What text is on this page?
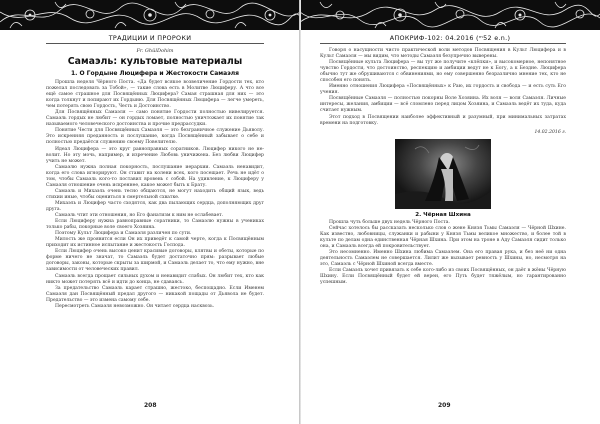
ТРАДИЦИИ И ПРОРОКИ
Fr. GhülDohim
Самаэль: культовые материалы
1. О Гордыне Люцифера и Жестокости Самаэля

Прошла неделя Чёрного Поста. «Да будет всякое возвеличение Гордости тех, кто пожелал последовать за Тобой», — такие слова есть в Молитве Люциферу. А что все ещё самое страшное для Посвящённых Люцифера? Самая страшная для них — это когда толкнут и попирают их Гордыню. Для Посвящённых Люцифера — легче умереть, чем потерять свою Гордость, Честь и Достоинство.

Для Посвящённых Самаэля — само понятие Гордости полностью нивелируется. Самаэль гордых не любит — он гордых ломает, полностью уничтожает их понятие так называемого человеческого достоинства и прочие предрассудки.

Понятие Чести для Посвящённых Самаэля — это безграничное служение Дьяволу. Это искренняя преданность и послушание, когда Посвящённый забывает о себе и полностью предаётся служению своему Повелителю.

Идеал Люцифера — это круг равноправных соратников. Люцифер никого не не-волит. Но эту мочь, например, и изречение Любовь уничижена. Без любви Люцифер учить не может.

Самаэлю нужна полная покорность, послушание иерархии. Самаэль ненавидит, когда его слова игнорируют. Он ставит на колени всех, кого посещает. Речь не идёт о том, чтобы Самаэль кого-то поставил вровень с собой. На удивление, к Люциферу у Самаэля отношение очень искреннее, какое может быть к Брату.

Самаэль и Михаэль очень тесно общаются, не могут находить общий язык, ведь стихии иные, чтобы оцениться в смертельной схватке.

Михаэль и Люцифер часто сходятся, как два пылающих сердца, дополняющих друг друга.

Самаэль чтит эти отношения, но Его фанатизм к ним не ослабевает.

Если Люциферу нужна равноправные соратники, то Самаэлю нужны в учениках только рабы, покорные воле своего Хозяина.

Поэтому Культ Люцифера и Самаэля различен по сути.

Милость же проявится если Он их приведёт к самой черте, когда к Посвящённым приходит их истинное испытание и жестокость Господа.

Если Люцифер очень высоко ценит красивые договоры, клятвы и обеты, которые по форме ничего не значат, то Самаэль будет достаточно прям: разрывает любые договоры, законы, которые скрыты за ширмой, и Самаэль делает то, что ему нужно, вне зависимости от человеческих правил.

Самаэль всегда прощает сильных духом и ненавидит слабых. Он любит тех, кто как никто может потерять всё и идти до конца, не сдаваясь.

За предательство Самаэль карает страшно, жестоко, беспощадно. Если Именем Самаэля дан Посвящённый предал другого — никакой пощады от Дьявола не будет. Предательство — это измена самому себе.

Пересмотреть Самаэля невозможно. Он читает сердца насквозь.

208
АПОКРИФ-102: 04.2016 (ᵐ52 e.n.)

Говоря о насущности чисто практической воли методов Посвящения в Культ Люцифера и в Культ Самаэля — мы видим, что методы Самаэля безупречно выверены.

Посвящённые культа Люцифера — вы тут же получите «клёпки», и высокомерное, непонятное чувство Гордости, что достоинство, респекцию и амбиции ведут не к Богу, а к Бездне. Люцифера обычно тут же обрушиваются с обвинениями, но ему совершенно безразлично мнение тех, кто не способен его понять.

Именно отношения Люцифера «Посвящённых» к Раю, их гордость и свобода — и есть суть Его учения.

Посвящённые Самаэля — полностью покорны Воле Хозяина. Их воля — воля Самаэля. Личные интересы, желания, амбиции — всё сломлено перед лицом Хозяина, и Самаэль ведёт их туда, куда считает нужным.

Этот подход в Посвящении наиболее эффективный и разумный, при минимальных затратах времени на подготовку.

14.02.2016 г.
2. Чёрная Шхина

Прошла чуть больше двух недель Чёрного Поста.

Сейчас хотелось бы рассказать несколько слов о жене Князя Тьмы Самаэля — Чёрной Шхине. Как известно, любовницы, служанки и рабыни у Князя Тьмы великое множество, и более той в культе по делам одна единственная Чёрная Шхина. При этом на троне в Аду Самаэля сидит только она, и Самаэль всегда ей покровительствует.

Это несомненно. Именно Шхина любима Самаэлем. Она его правая рука, и без неё ни одна деятельность Самаэлем не совершается. Лилит же вызывает ревность у Шхины, но, несмотря на это, Самаэль с Чёрной Шхиной всегда вместе.

Если Самаэль хочет привязать к себе кого-либо из своих Посвящённых, он даёт в жёны Чёрную Шхину. Если Посвящённый будет ей верен, его Путь будет тяжёлым, но гарантированно успешным.

209
